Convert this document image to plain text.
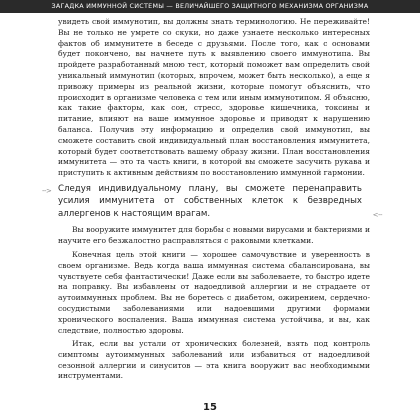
ЗАГАДКА ИММУННОЙ СИСТЕМЫ — ВЕЛИЧАЙШЕГО ЗАЩИТНОГО МЕХАНИЗМА ОРГАНИЗМА

увидеть свой иммунотип, вы должны знать терминологию. Не переживайте! Вы не только не умрете со скуки, но даже узнаете несколько интересных фактов об иммунитете в беседе с друзьями. После того, как с основами будет покончено, вы начнете путь к выявлению своего иммунотипа. Вы пройдете разработанный мною тест, который поможет вам определить свой уникальный иммунотип (которых, впрочем, может быть несколько), а еще я привожу примеры из реальной жизни, которые помогут объяснить, что происходит в организме человека с тем или иным иммунотипом. Я объясню, как такие факторы, как сон, стресс, здоровье кишечника, токсины и питание, влияют на ваше иммунное здоровье и приводят к нарушению баланса. Получив эту информацию и определив свой иммунотип, вы сможете составить свой индивидуальный план восстановления иммунитета, который будет соответствовать вашему образу жизни. План восстановления иммунитета — это та часть книги, в которой вы сможете засучить рукава и приступить к активным действиям по восстановлению иммунной гармонии.

--> Следуя индивидуальному плану, вы сможете перенаправить усилия иммунитета от собственных клеток к безвредных аллергенов к настоящим врагам.	<--

Вы вооружите иммунитет для борьбы с новыми вирусами и бактериями и научите его безжалостно расправляться с раковыми клетками.

Конечная цель этой книги — хорошее самочувствие и уверенность в своем организме. Ведь когда ваша иммунная система сбалансирована, вы чувствуете себя фантастически! Даже если вы заболеваете, то быстро идете на поправку. Вы избавлены от надоедливой аллергии и не страдаете от аутоиммунных проблем. Вы не боретесь с диабетом, ожирением, сердечно-сосудистыми заболеваниями или надоевшими другими формами хронического воспаления. Ваша иммунная система устойчива, и вы, как следствие, полностью здоровы.

Итак, если вы устали от хронических болезней, взять под контроль симптомы аутоиммунных заболеваний или избавиться от надоедливой сезонной аллергии и синуситов — эта книга вооружит вас необходимыми инструментами.

15
